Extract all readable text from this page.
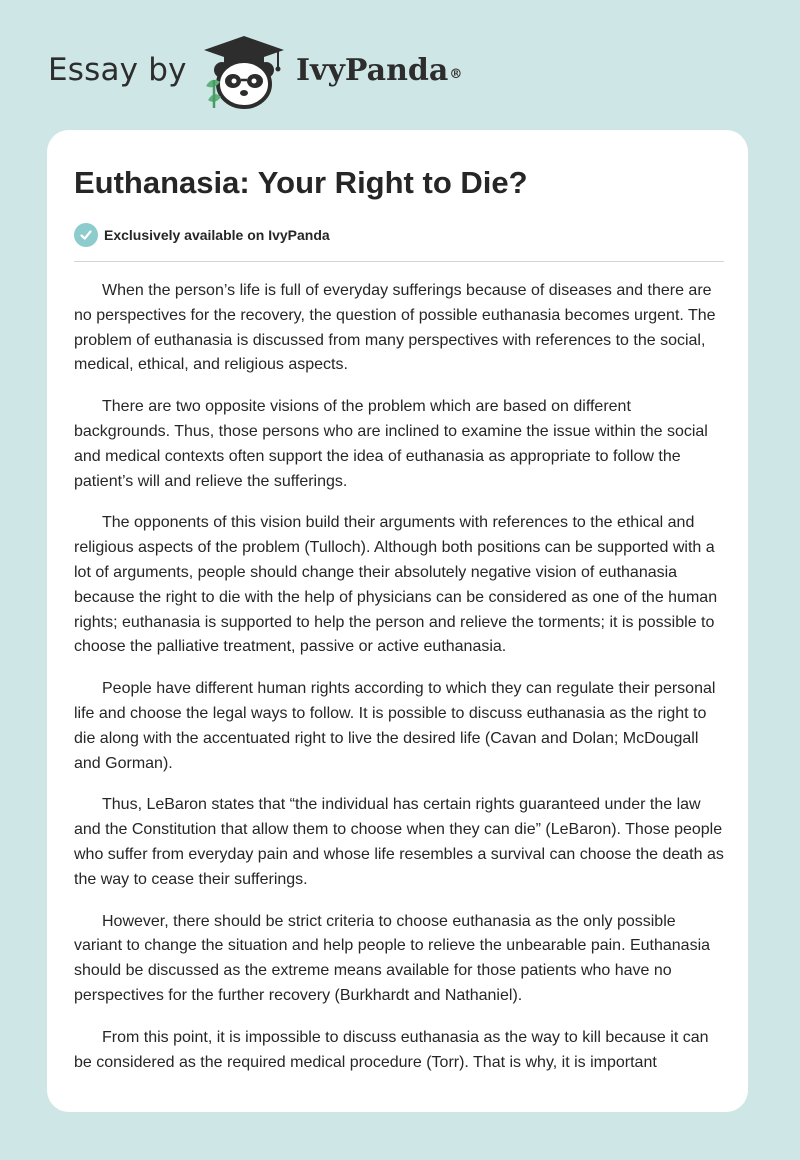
Essay by	IvyPanda®
Euthanasia: Your Right to Die?
Exclusively available on IvyPanda

When the person’s life is full of everyday sufferings because of diseases and there are no perspectives for the recovery, the question of possible euthanasia becomes urgent. The problem of euthanasia is discussed from many perspectives with references to the social, medical, ethical, and religious aspects.

There are two opposite visions of the problem which are based on different backgrounds. Thus, those persons who are inclined to examine the issue within the social and medical contexts often support the idea of euthanasia as appropriate to follow the patient’s will and relieve the sufferings.

The opponents of this vision build their arguments with references to the ethical and religious aspects of the problem (Tulloch). Although both positions can be supported with a lot of arguments, people should change their absolutely negative vision of euthanasia because the right to die with the help of physicians can be considered as one of the human rights; euthanasia is supported to help the person and relieve the torments; it is possible to choose the palliative treatment, passive or active euthanasia.

People have different human rights according to which they can regulate their personal life and choose the legal ways to follow. It is possible to discuss euthanasia as the right to die along with the accentuated right to live the desired life (Cavan and Dolan; McDougall and Gorman).

Thus, LeBaron states that “the individual has certain rights guaranteed under the law and the Constitution that allow them to choose when they can die” (LeBaron). Those people who suffer from everyday pain and whose life resembles a survival can choose the death as the way to cease their sufferings.

However, there should be strict criteria to choose euthanasia as the only possible variant to change the situation and help people to relieve the unbearable pain. Euthanasia should be discussed as the extreme means available for those patients who have no perspectives for the further recovery (Burkhardt and Nathaniel).

From this point, it is impossible to discuss euthanasia as the way to kill because it can be considered as the required medical procedure (Torr). That is why, it is important
